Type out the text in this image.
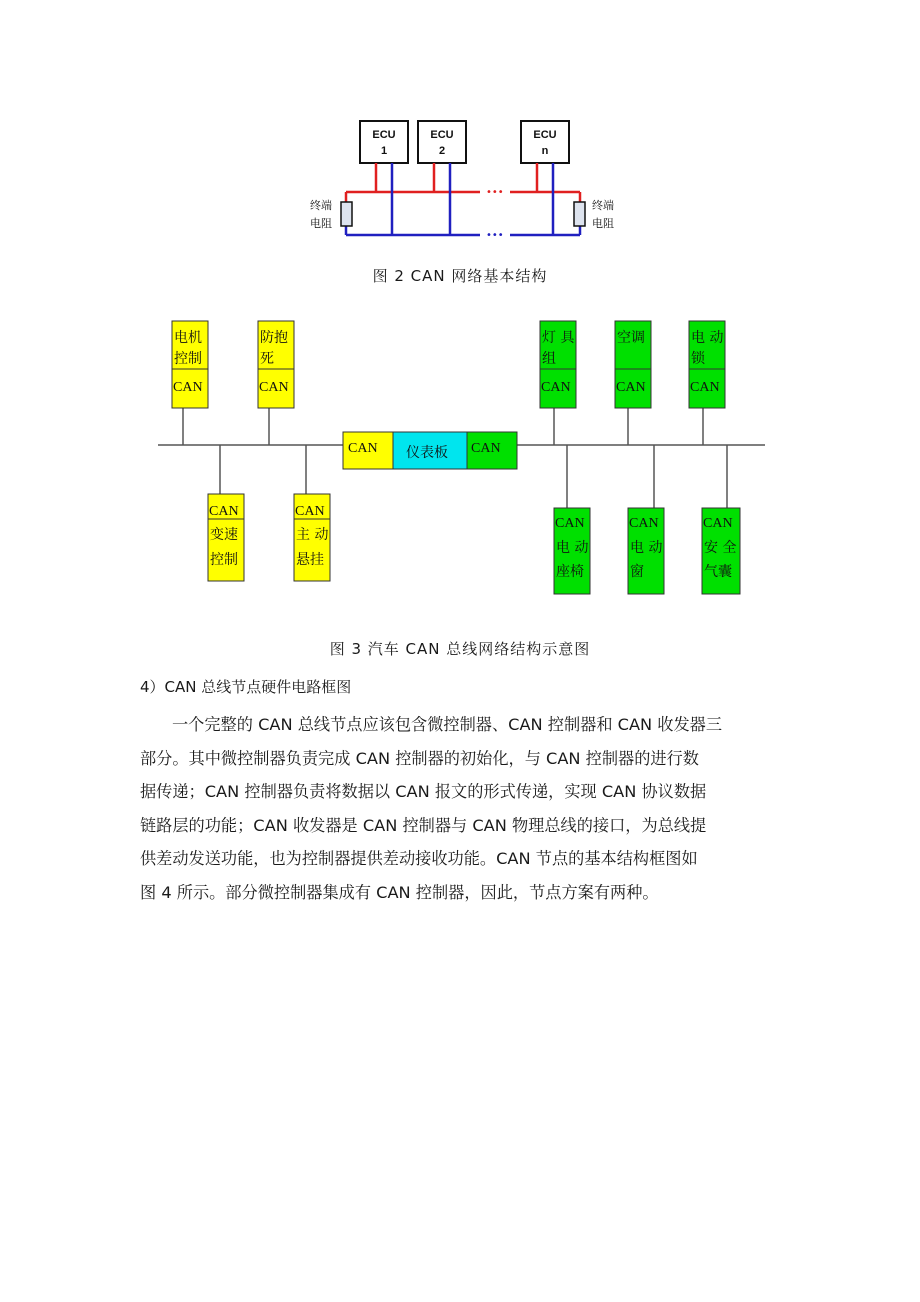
ECU
1
ECU
2
ECU
n
•••
•••
终端
电阻
终端
电阻
图 2 CAN 网络基本结构
电机
控制
CAN
防抱
死
CAN
灯 具
组
CAN
空调
CAN
电 动
锁
CAN
CAN 仪表板 CAN
CAN
变速
控制
CAN
主 动
悬挂
CAN
电 动
座椅
CAN
电 动
窗
CAN
安 全
气囊
图 3 汽车 CAN 总线网络结构示意图
4）CAN 总线节点硬件电路框图

一个完整的 CAN 总线节点应该包含微控制器、CAN 控制器和 CAN 收发器三

部分。其中微控制器负责完成 CAN 控制器的初始化，与 CAN 控制器的进行数

据传递；CAN 控制器负责将数据以 CAN 报文的形式传递，实现 CAN 协议数据

链路层的功能；CAN 收发器是 CAN 控制器与 CAN 物理总线的接口，为总线提

供差动发送功能，也为控制器提供差动接收功能。CAN 节点的基本结构框图如

图 4 所示。部分微控制器集成有 CAN 控制器，因此，节点方案有两种。
